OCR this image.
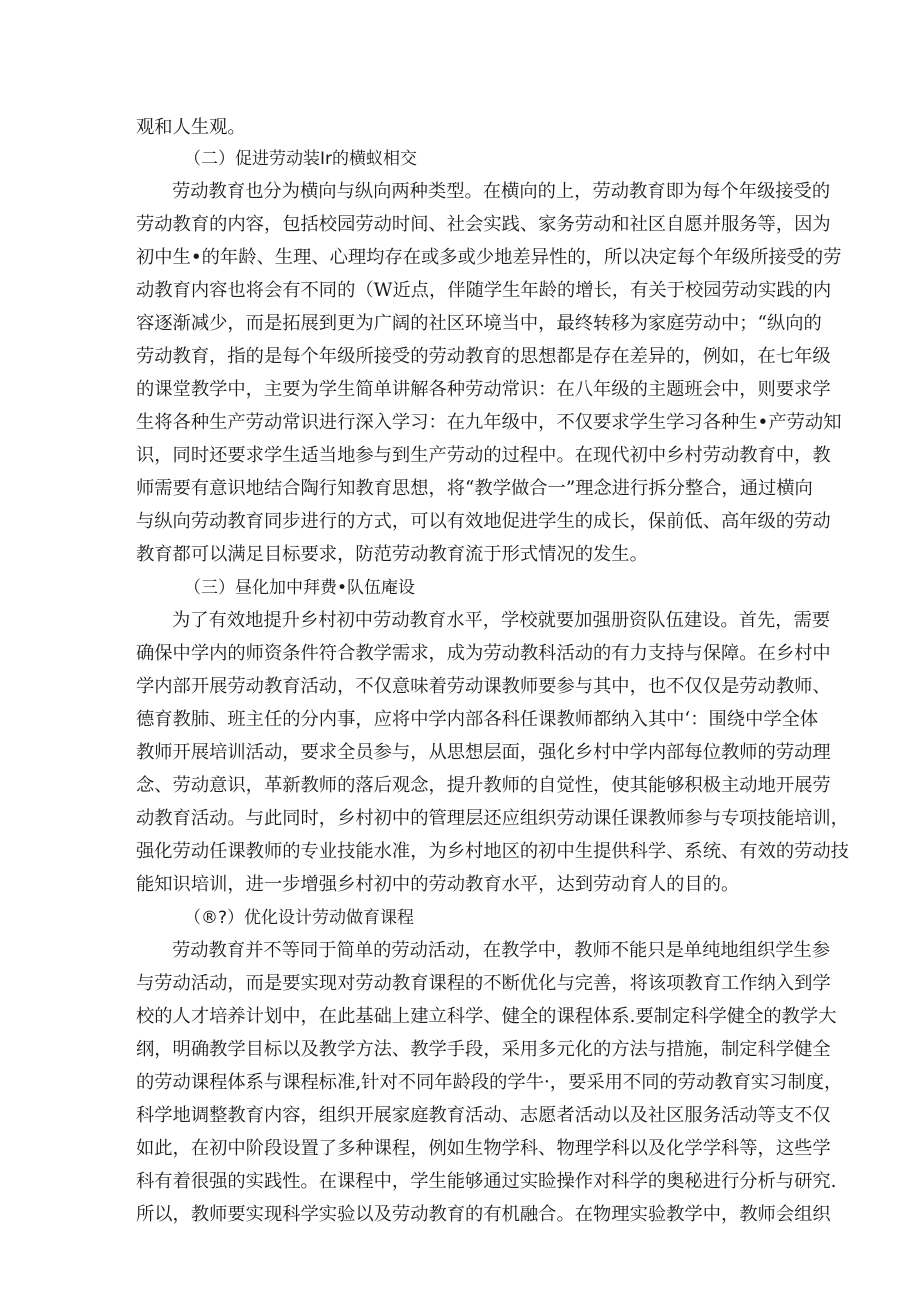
观和人生观。
（二）促进劳动装Ir的横蚁相交
劳动教育也分为横向与纵向两种类型。在横向的上，劳动教育即为每个年级接受的
劳动教育的内容，包括校园劳动时间、社会实践、家务劳动和社区自愿并服务等，因为
初中生•的年龄、生理、心理均存在或多或少地差异性的，所以决定每个年级所接受的劳
动教育内容也将会有不同的（W近点，伴随学生年龄的增长，有关于校园劳动实践的内
容逐渐减少，而是拓展到更为广阔的社区环境当中，最终转移为家庭劳动中；“纵向的
劳动教育，指的是每个年级所接受的劳动教育的思想都是存在差异的，例如，在七年级
的课堂教学中，主要为学生简单讲解各种劳动常识：在八年级的主题班会中，则要求学
生将各种生产劳动常识进行深入学习：在九年级中，不仅要求学生学习各种生•产劳动知
识，同时还要求学生适当地参与到生产劳动的过程中。在现代初中乡村劳动教育中，教
师需要有意识地结合陶行知教育思想，将“教学做合一”理念进行拆分整合，通过横向
与纵向劳动教育同步进行的方式，可以有效地促进学生的成长，保前低、高年级的劳动
教育都可以满足目标要求，防范劳动教育流于形式情况的发生。
（三）昼化加中拜费•队伍庵设
为了有效地提升乡村初中劳动教育水平，学校就要加强册资队伍建设。首先，需要
确保中学内的师资条件符合教学需求，成为劳动教科活动的有力支持与保障。在乡村中
学内部开展劳动教育活动，不仅意味着劳动课教师要参与其中，也不仅仅是劳动教师、
德育教肺、班主任的分内事，应将中学内部各科任课教师都纳入其中‘：围绕中学全体
教师开展培训活动，要求全员参与，从思想层面，强化乡村中学内部每位教师的劳动理
念、劳动意识，革新教师的落后观念，提升教师的自觉性，使其能够积极主动地开展劳
动教育活动。与此同时，乡村初中的管理层还应组织劳动课任课教师参与专项技能培训，
强化劳动任课教师的专业技能水准，为乡村地区的初中生提供科学、系统、有效的劳动技
能知识培训，进一步增强乡村初中的劳动教育水平，达到劳动育人的目的。
（®?）优化设计劳动做育课程
劳动教育并不等同于简单的劳动活动，在教学中，教师不能只是单纯地组织学生参
与劳动活动，而是要实现对劳动教育课程的不断优化与完善，将该项教育工作纳入到学
校的人才培养计划中，在此基础上建立科学、健全的课程体系.要制定科学健全的教学大
纲，明确教学目标以及教学方法、教学手段，采用多元化的方法与措施，制定科学健全
的劳动课程体系与课程标准,针对不同年龄段的学牛·，要采用不同的劳动教育实习制度，
科学地调整教育内容，组织开展家庭教育活动、志愿者活动以及社区服务活动等支不仅
如此，在初中阶段设置了多种课程，例如生物学科、物理学科以及化学学科等，这些学
科有着很强的实践性。在课程中，学生能够通过实睑操作对科学的奥秘进行分析与研究.
所以，教师要实现科学实验以及劳动教育的有机融合。在物理实验教学中，教师会组织
